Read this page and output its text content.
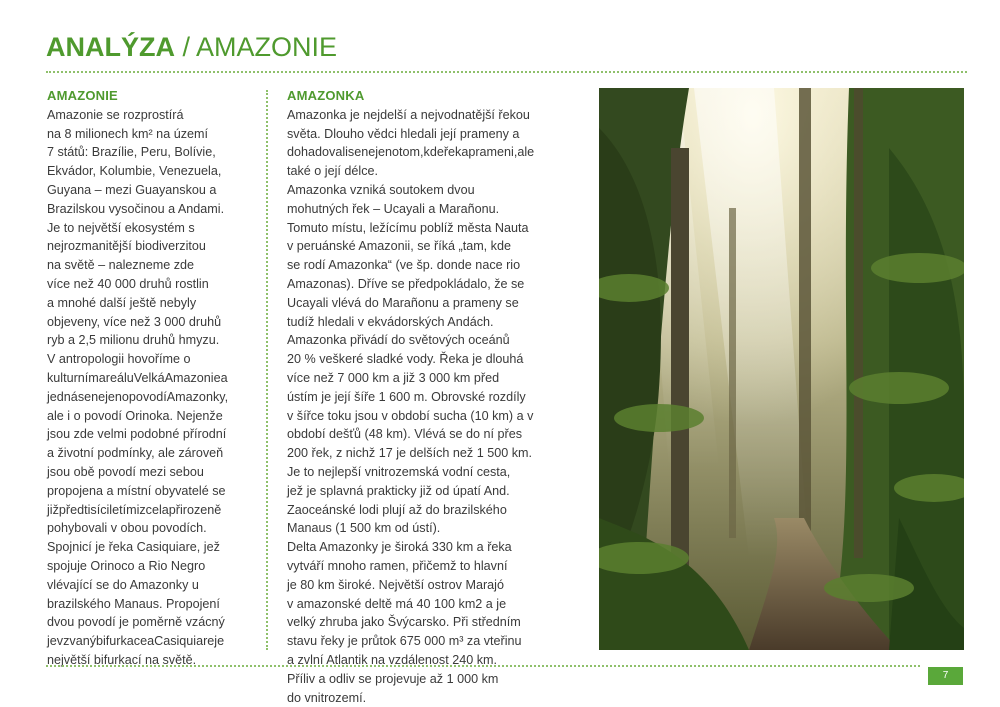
ANALÝZA / AMAZONIE
AMAZONIE
Amazonie se rozprostírá
na 8 milionech km² na území
7 států: Brazílie, Peru, Bolívie,
Ekvádor, Kolumbie, Venezuela,
Guyana – mezi Guayanskou a
Brazilskou vysočinou a Andami.
Je to největší ekosystém s
nejrozmanitější biodiverzitou
na světě – nalezneme zde
více než 40 000 druhů rostlin
a mnohé další ještě nebyly
objeveny, více než 3 000 druhů
ryb a 2,5 milionu druhů hmyzu.
V antropologii hovoříme o
kulturnímareáluVelkáAmazoniea
jednásenejenopovodíAmazonky,
ale i o povodí Orinoka. Nejenže
jsou zde velmi podobné přírodní
a životní podmínky, ale zároveň
jsou obě povodí mezi sebou
propojena a místní obyvatelé se
jižpředtisíciletímizcelapřirozeně
pohybovali v obou povodích.
Spojnicí je řeka Casiquiare, jež
spojuje Orinoco a Rio Negro
vlévající se do Amazonky u
brazilského Manaus. Propojení
dvou povodí je poměrně vzácný
jevzvanýbifurkaceaCasiquiareje
největší bifurkací na světě.
AMAZONKA
Amazonka je nejdelší a nejvodnatější řekou
světa. Dlouho vědci hledali její prameny a
dohadovalisenejenotom,kdeřekaprameni,ale
také o její délce.
Amazonka vzniká soutokem dvou
mohutných řek – Ucayali a Marañonu.
Tomuto místu, ležícímu poblíž města Nauta
v peruánské Amazonii, se říká „tam, kde
se rodí Amazonka“ (ve šp. donde nace rio
Amazonas). Dříve se předpokládalo, že se
Ucayali vlévá do Marañonu a prameny se
tudíž hledali v ekvádorských Andách.
Amazonka přivádí do světových oceánů
20 % veškeré sladké vody. Řeka je dlouhá
více než 7 000 km a již 3 000 km před
ústím je její šíře 1 600 m. Obrovské rozdíly
v šířce toku jsou v období sucha (10 km) a v
období dešťů (48 km). Vlévá se do ní přes
200 řek, z nichž 17 je delších než 1 500 km.
Je to nejlepší vnitrozemská vodní cesta,
jež je splavná prakticky již od úpatí And.
Zaoceánské lodi plují až do brazilského
Manaus (1 500 km od ústí).
Delta Amazonky je široká 330 km a řeka
vytváří mnoho ramen, přičemž to hlavní
je 80 km široké. Největší ostrov Marajó
v amazonské deltě má 40 100 km2 a je
velký zhruba jako Švýcarsko. Při středním
stavu řeky je průtok 675 000 m³ za vteřinu
a zvlní Atlantik na vzdálenost 240 km.
Příliv a odliv se projevuje až 1 000 km
do vnitrozemí.
7
